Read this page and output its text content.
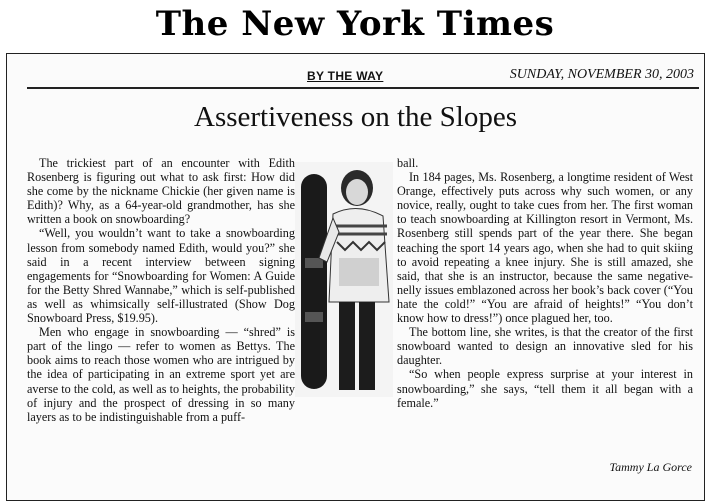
The New York Times
BY THE WAY	SUNDAY, NOVEMBER 30, 2003
Assertiveness on the Slopes

The trickiest part of an encounter with Edith Rosenberg is figuring out what to ask first: How did she come by the nickname Chickie (her given name is Edith)? Why, as a 64-year-old grandmother, has she written a book on snowboarding?

“Well, you wouldn’t want to take a snowboarding lesson from somebody named Edith, would you?” she said in a recent interview between signing engagements for “Snowboarding for Women: A Guide for the Betty Shred Wannabe,” which is self-published as well as whimsically self-illustrated (Show Dog Snowboard Press, $19.95).

Men who engage in snowboarding — “shred” is part of the lingo — refer to women as Bettys. The book aims to reach those women who are intrigued by the idea of participating in an extreme sport yet are averse to the cold, as well as to heights, the probability of injury and the prospect of dressing in so many layers as to be indistinguishable from a puff-

ball.

In 184 pages, Ms. Rosenberg, a longtime resident of West Orange, effectively puts across why such women, or any novice, really, ought to take cues from her. The first woman to teach snowboarding at Killington resort in Vermont, Ms. Rosenberg still spends part of the year there. She began teaching the sport 14 years ago, when she had to quit skiing to avoid repeating a knee injury. She is still amazed, she said, that she is an instructor, because the same negative-nelly issues emblazoned across her book’s back cover (“You hate the cold!” “You are afraid of heights!” “You don’t know how to dress!”) once plagued her, too.

The bottom line, she writes, is that the creator of the first snowboard wanted to design an innovative sled for his daughter.

“So when people express surprise at your interest in snowboarding,” she says, “tell them it all began with a female.”

Tammy La Gorce
